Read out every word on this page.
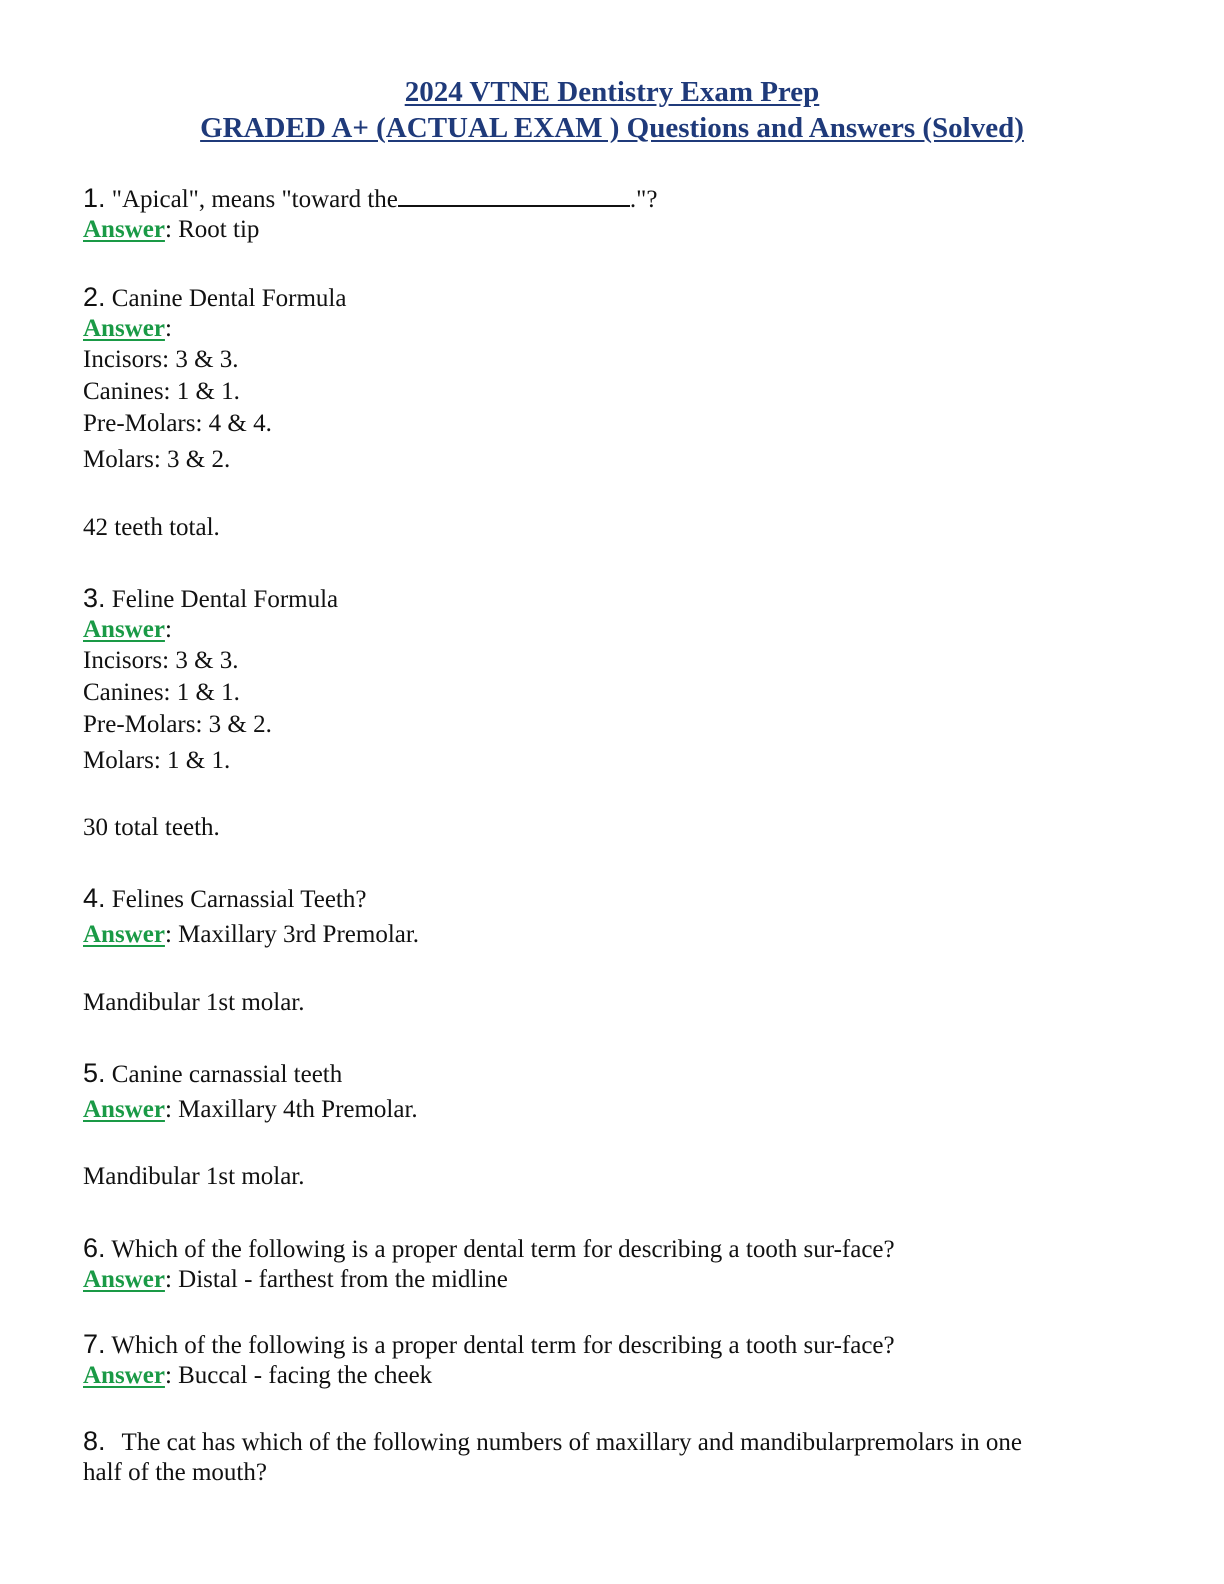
2024 VTNE Dentistry Exam Prep
GRADED A+ (ACTUAL EXAM ) Questions and Answers (Solved)
1. "Apical", means "toward the	."?
Answer: Root tip
2. Canine Dental Formula
Answer:
Incisors: 3 & 3.
Canines: 1 & 1.
Pre-Molars: 4 & 4.
Molars: 3 & 2.
42 teeth total.
3. Feline Dental Formula
Answer:
Incisors: 3 & 3.
Canines: 1 & 1.
Pre-Molars: 3 & 2.
Molars: 1 & 1.
30 total teeth.
4. Felines Carnassial Teeth?
Answer: Maxillary 3rd Premolar.
Mandibular 1st molar.
5. Canine carnassial teeth
Answer: Maxillary 4th Premolar.
Mandibular 1st molar.
6. Which of the following is a proper dental term for describing a tooth sur-face?
Answer: Distal - farthest from the midline
7. Which of the following is a proper dental term for describing a tooth sur-face?
Answer: Buccal - facing the cheek
8. The cat has which of the following numbers of maxillary and mandibularpremolars in one
half of the mouth?
